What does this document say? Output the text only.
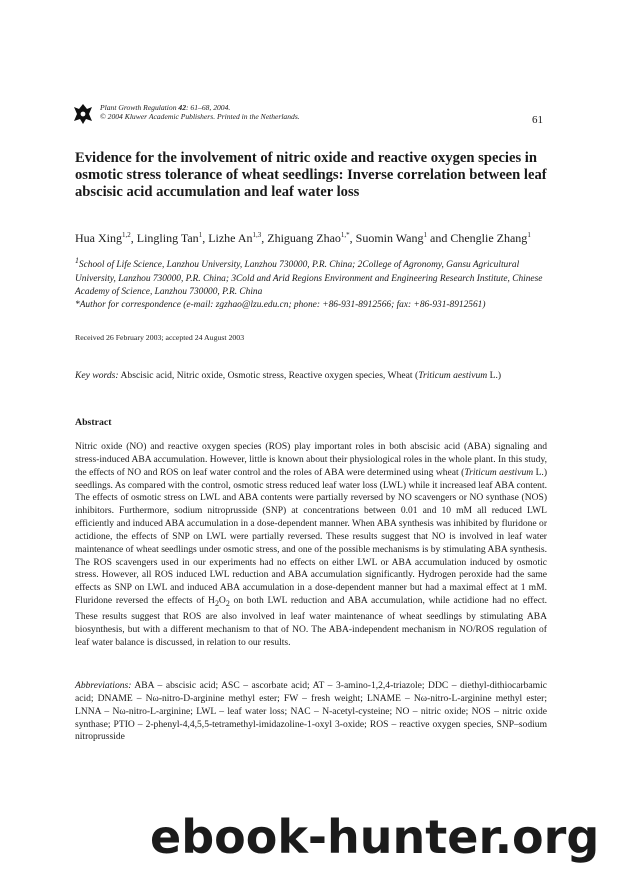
Plant Growth Regulation 42: 61–68, 2004.
© 2004 Kluwer Academic Publishers. Printed in the Netherlands.	61
Evidence for the involvement of nitric oxide and reactive oxygen species in osmotic stress tolerance of wheat seedlings: Inverse correlation between leaf abscisic acid accumulation and leaf water loss
Hua Xing$^{1,2}$, Lingling Tan$^1$, Lizhe An$^{1,3}$, Zhiguang Zhao$^{1,*}$, Suomin Wang$^1$ and Chenglie Zhang$^1$
$^1$School of Life Science, Lanzhou University, Lanzhou 730000, P.R. China; 2College of Agronomy, Gansu Agricultural University, Lanzhou 730000, P.R. China; 3Cold and Arid Regions Environment and Engineering Research Institute, Chinese Academy of Science, Lanzhou 730000, P.R. China
*Author for correspondence (e-mail: zgzhao@lzu.edu.cn; phone: +86-931-8912566; fax: +86-931-8912561)
Received 26 February 2003; accepted 24 August 2003
Key words: Abscisic acid, Nitric oxide, Osmotic stress, Reactive oxygen species, Wheat (Triticum aestivum L.)
Abstract
Nitric oxide (NO) and reactive oxygen species (ROS) play important roles in both abscisic acid (ABA) signaling and stress-induced ABA accumulation. However, little is known about their physiological roles in the whole plant. In this study, the effects of NO and ROS on leaf water control and the roles of ABA were determined using wheat (Triticum aestivum L.) seedlings. As compared with the control, osmotic stress reduced leaf water loss (LWL) while it increased leaf ABA content. The effects of osmotic stress on LWL and ABA contents were partially reversed by NO scavengers or NO synthase (NOS) inhibitors. Furthermore, sodium nitroprusside (SNP) at concentrations between 0.01 and 10 mM all reduced LWL efficiently and induced ABA accumulation in a dose-dependent manner. When ABA synthesis was inhibited by fluridone or actidione, the effects of SNP on LWL were partially reversed. These results suggest that NO is involved in leaf water maintenance of wheat seedlings under osmotic stress, and one of the possible mechanisms is by stimulating ABA synthesis. The ROS scavengers used in our experiments had no effects on either LWL or ABA accumulation induced by osmotic stress. However, all ROS induced LWL reduction and ABA accumulation significantly. Hydrogen peroxide had the same effects as SNP on LWL and induced ABA accumulation in a dose-dependent manner but had a maximal effect at 1 mM. Fluridone reversed the effects of $H_2O_2$ on both LWL reduction and ABA accumulation, while actidione had no effect. These results suggest that ROS are also involved in leaf water maintenance of wheat seedlings by stimulating ABA biosynthesis, but with a different mechanism to that of NO. The ABA-independent mechanism in NO/ROS regulation of leaf water balance is discussed, in relation to our results.
Abbreviations: ABA – abscisic acid; ASC – ascorbate acid; AT – 3-amino-1,2,4-triazole; DDC – diethyl-dithiocarbamic acid; DNAME – Nω-nitro-D-arginine methyl ester; FW – fresh weight; LNAME – Nω-nitro-L-arginine methyl ester; LNNA – Nω-nitro-L-arginine; LWL – leaf water loss; NAC – N-acetyl-cysteine; NO – nitric oxide; NOS – nitric oxide synthase; PTIO – 2-phenyl-4,4,5,5-tetramethyl-imidazoline-1-oxyl 3-oxide; ROS – reactive oxygen species, SNP–sodium nitroprusside
ebook-hunter.org
